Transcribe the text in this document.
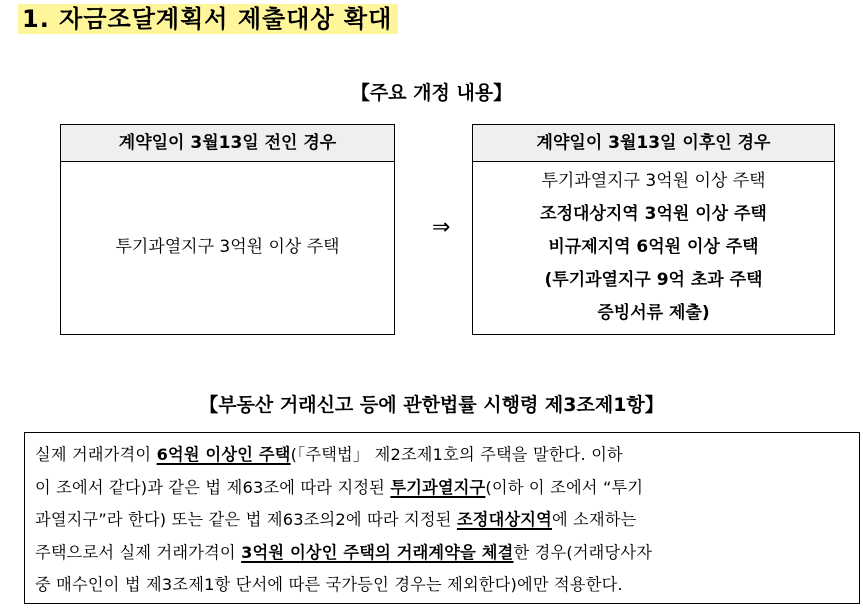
1. 자금조달계획서 제출대상 확대
【주요 개정 내용】
계약일이 3월13일 전인 경우
투기과열지구 3억원 이상 주택
⇒
계약일이 3월13일 이후인 경우
투기과열지구 3억원 이상 주택
조정대상지역 3억원 이상 주택
비규제지역 6억원 이상 주택
(투기과열지구 9억 초과 주택
증빙서류 제출)
【부동산 거래신고 등에 관한법률 시행령 제3조제1항】
실제 거래가격이 6억원 이상인 주택(「주택법」 제2조제1호의 주택을 말한다. 이하
이 조에서 같다)과 같은 법 제63조에 따라 지정된 투기과열지구(이하 이 조에서 “투기
과열지구”라 한다) 또는 같은 법 제63조의2에 따라 지정된 조정대상지역에 소재하는
주택으로서 실제 거래가격이 3억원 이상인 주택의 거래계약을 체결한 경우(거래당사자
중 매수인이 법 제3조제1항 단서에 따른 국가등인 경우는 제외한다)에만 적용한다.
